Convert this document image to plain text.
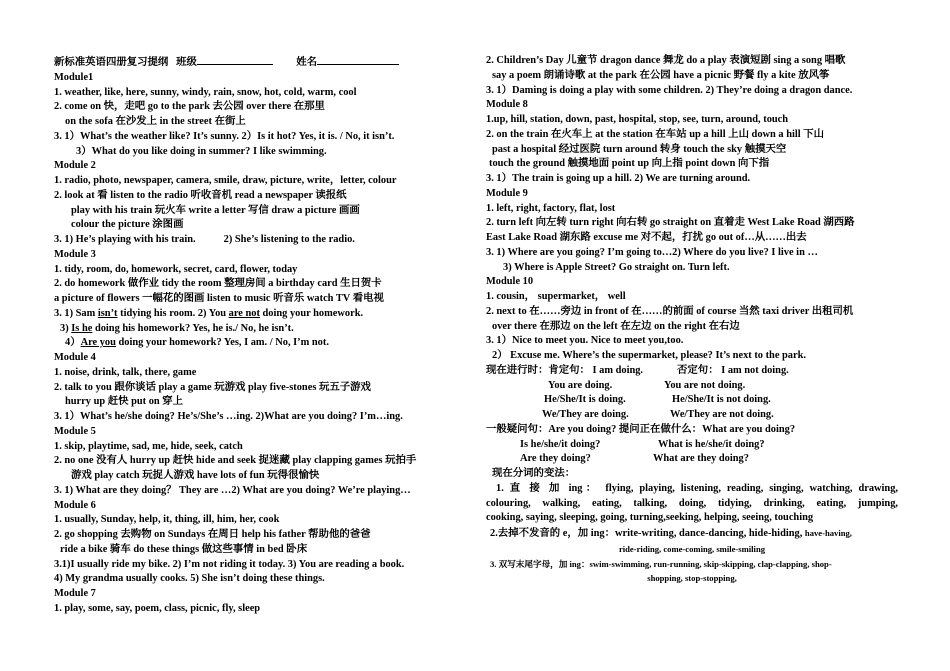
新标准英语四册复习提纲 班级	姓名
Module1
1. weather, like, here, sunny, windy, rain, snow, hot, cold, warm, cool
2. come on 快，走吧 go to the park 去公园 over there 在那里
on the sofa 在沙发上 in the street 在街上
3. 1）What’s the weather like? It’s sunny. 2）Is it hot? Yes, it is. / No, it isn’t.
3）What do you like doing in summer? I like swimming.
Module 2
1. radio, photo, newspaper, camera, smile, draw, picture, write，letter, colour
2. look at 看 listen to the radio 听收音机 read a newspaper 读报纸
play with his train 玩火车 write a letter 写信 draw a picture 画画
colour the picture 涂图画
3. 1) He’s playing with his train.	2) She’s listening to the radio.
Module 3
1. tidy, room, do, homework, secret, card, flower, today
2. do homework 做作业 tidy the room 整理房间 a birthday card 生日贺卡
a picture of flowers 一幅花的图画 listen to music 听音乐 watch TV 看电视
3. 1) Sam isn’t tidying his room. 2) You are not doing your homework.
3) Is he doing his homework? Yes, he is./ No, he isn’t.
4）Are you doing your homework? Yes, I am. / No, I’m not.
Module 4
1. noise, drink, talk, there, game
2. talk to you 跟你谈话 play a game 玩游戏 play five-stones 玩五子游戏
hurry up 赶快 put on 穿上
3. 1）What’s he/she doing? He’s/She’s …ing. 2)What are you doing? I’m…ing.
Module 5
1. skip, playtime, sad, me, hide, seek, catch
2. no one 没有人 hurry up 赶快 hide and seek 捉迷藏 play clapping games 玩拍手
游戏 play catch 玩捉人游戏 have lots of fun 玩得很愉快
3. 1) What are they doing？ They are …2) What are you doing? We’re playing…
Module 6
1. usually, Sunday, help, it, thing, ill, him, her, cook
2. go shopping 去购物 on Sundays 在周日 help his father 帮助他的爸爸
ride a bike 骑车 do these things 做这些事情 in bed 卧床
3.1)I usually ride my bike. 2) I’m not riding it today. 3) You are reading a book.
4) My grandma usually cooks. 5) She isn’t doing these things.
Module 7
1. play, some, say, poem, class, picnic, fly, sleep
2. Children’s Day 儿童节 dragon dance 舞龙 do a play 表演短剧 sing a song 唱歌
say a poem 朗诵诗歌 at the park 在公园 have a picnic 野餐 fly a kite 放风筝
3. 1）Daming is doing a play with some children. 2) They’re doing a dragon dance.
Module 8
1.up, hill, station, down, past, hospital, stop, see, turn, around, touch
2. on the train 在火车上 at the station 在车站 up a hill 上山 down a hill 下山
past a hospital 经过医院 turn around 转身 touch the sky 触摸天空
touch the ground 触摸地面 point up 向上指 point down 向下指
3. 1）The train is going up a hill. 2) We are turning around.
Module 9
1. left, right, factory, flat, lost
2. turn left 向左转 turn right 向右转 go straight on 直着走 West Lake Road 湖西路
East Lake Road 湖东路 excuse me 对不起，打扰 go out of…从……出去
3. 1) Where are you going? I’m going to…2) Where do you live? I live in …
3) Where is Apple Street? Go straight on. Turn left.
Module 10
1. cousin， supermarket， well
2. next to 在……旁边 in front of 在……的前面 of course 当然 taxi driver 出租司机
over there 在那边 on the left 在左边 on the right 在右边
3. 1）Nice to meet you. Nice to meet you,too.
2） Excuse me. Where’s the supermarket, please? It’s next to the park.
现在进行时：肯定句： I am doing.	否定句： I am not doing.
You are doing.	You are not doing.
He/She/It is doing.	He/She/It is not doing.
We/They are doing.	We/They are not doing.
一般疑问句：Are you doing? 提问正在做什么：What are you doing?
Is he/she/it doing?	What is he/she/it doing?
Are they doing?	What are they doing?
现在分词的变法：
1. 直 接 加 ing： flying, playing, listening, reading, singing, watching, drawing,
colouring, walking, eating, talking, doing, tidying, drinking, eating, jumping,
cooking, saying, sleeping, going, turning,seeking, helping, seeing, touching
2.去掉不发音的 e，加 ing：write-writing, dance-dancing, hide-hiding, have-having,
ride-riding, come-coming, smile-smiling
3. 双写末尾字母，加 ing：swim-swimming, run-running, skip-skipping, clap-clapping, shop-
shopping, stop-stopping,
